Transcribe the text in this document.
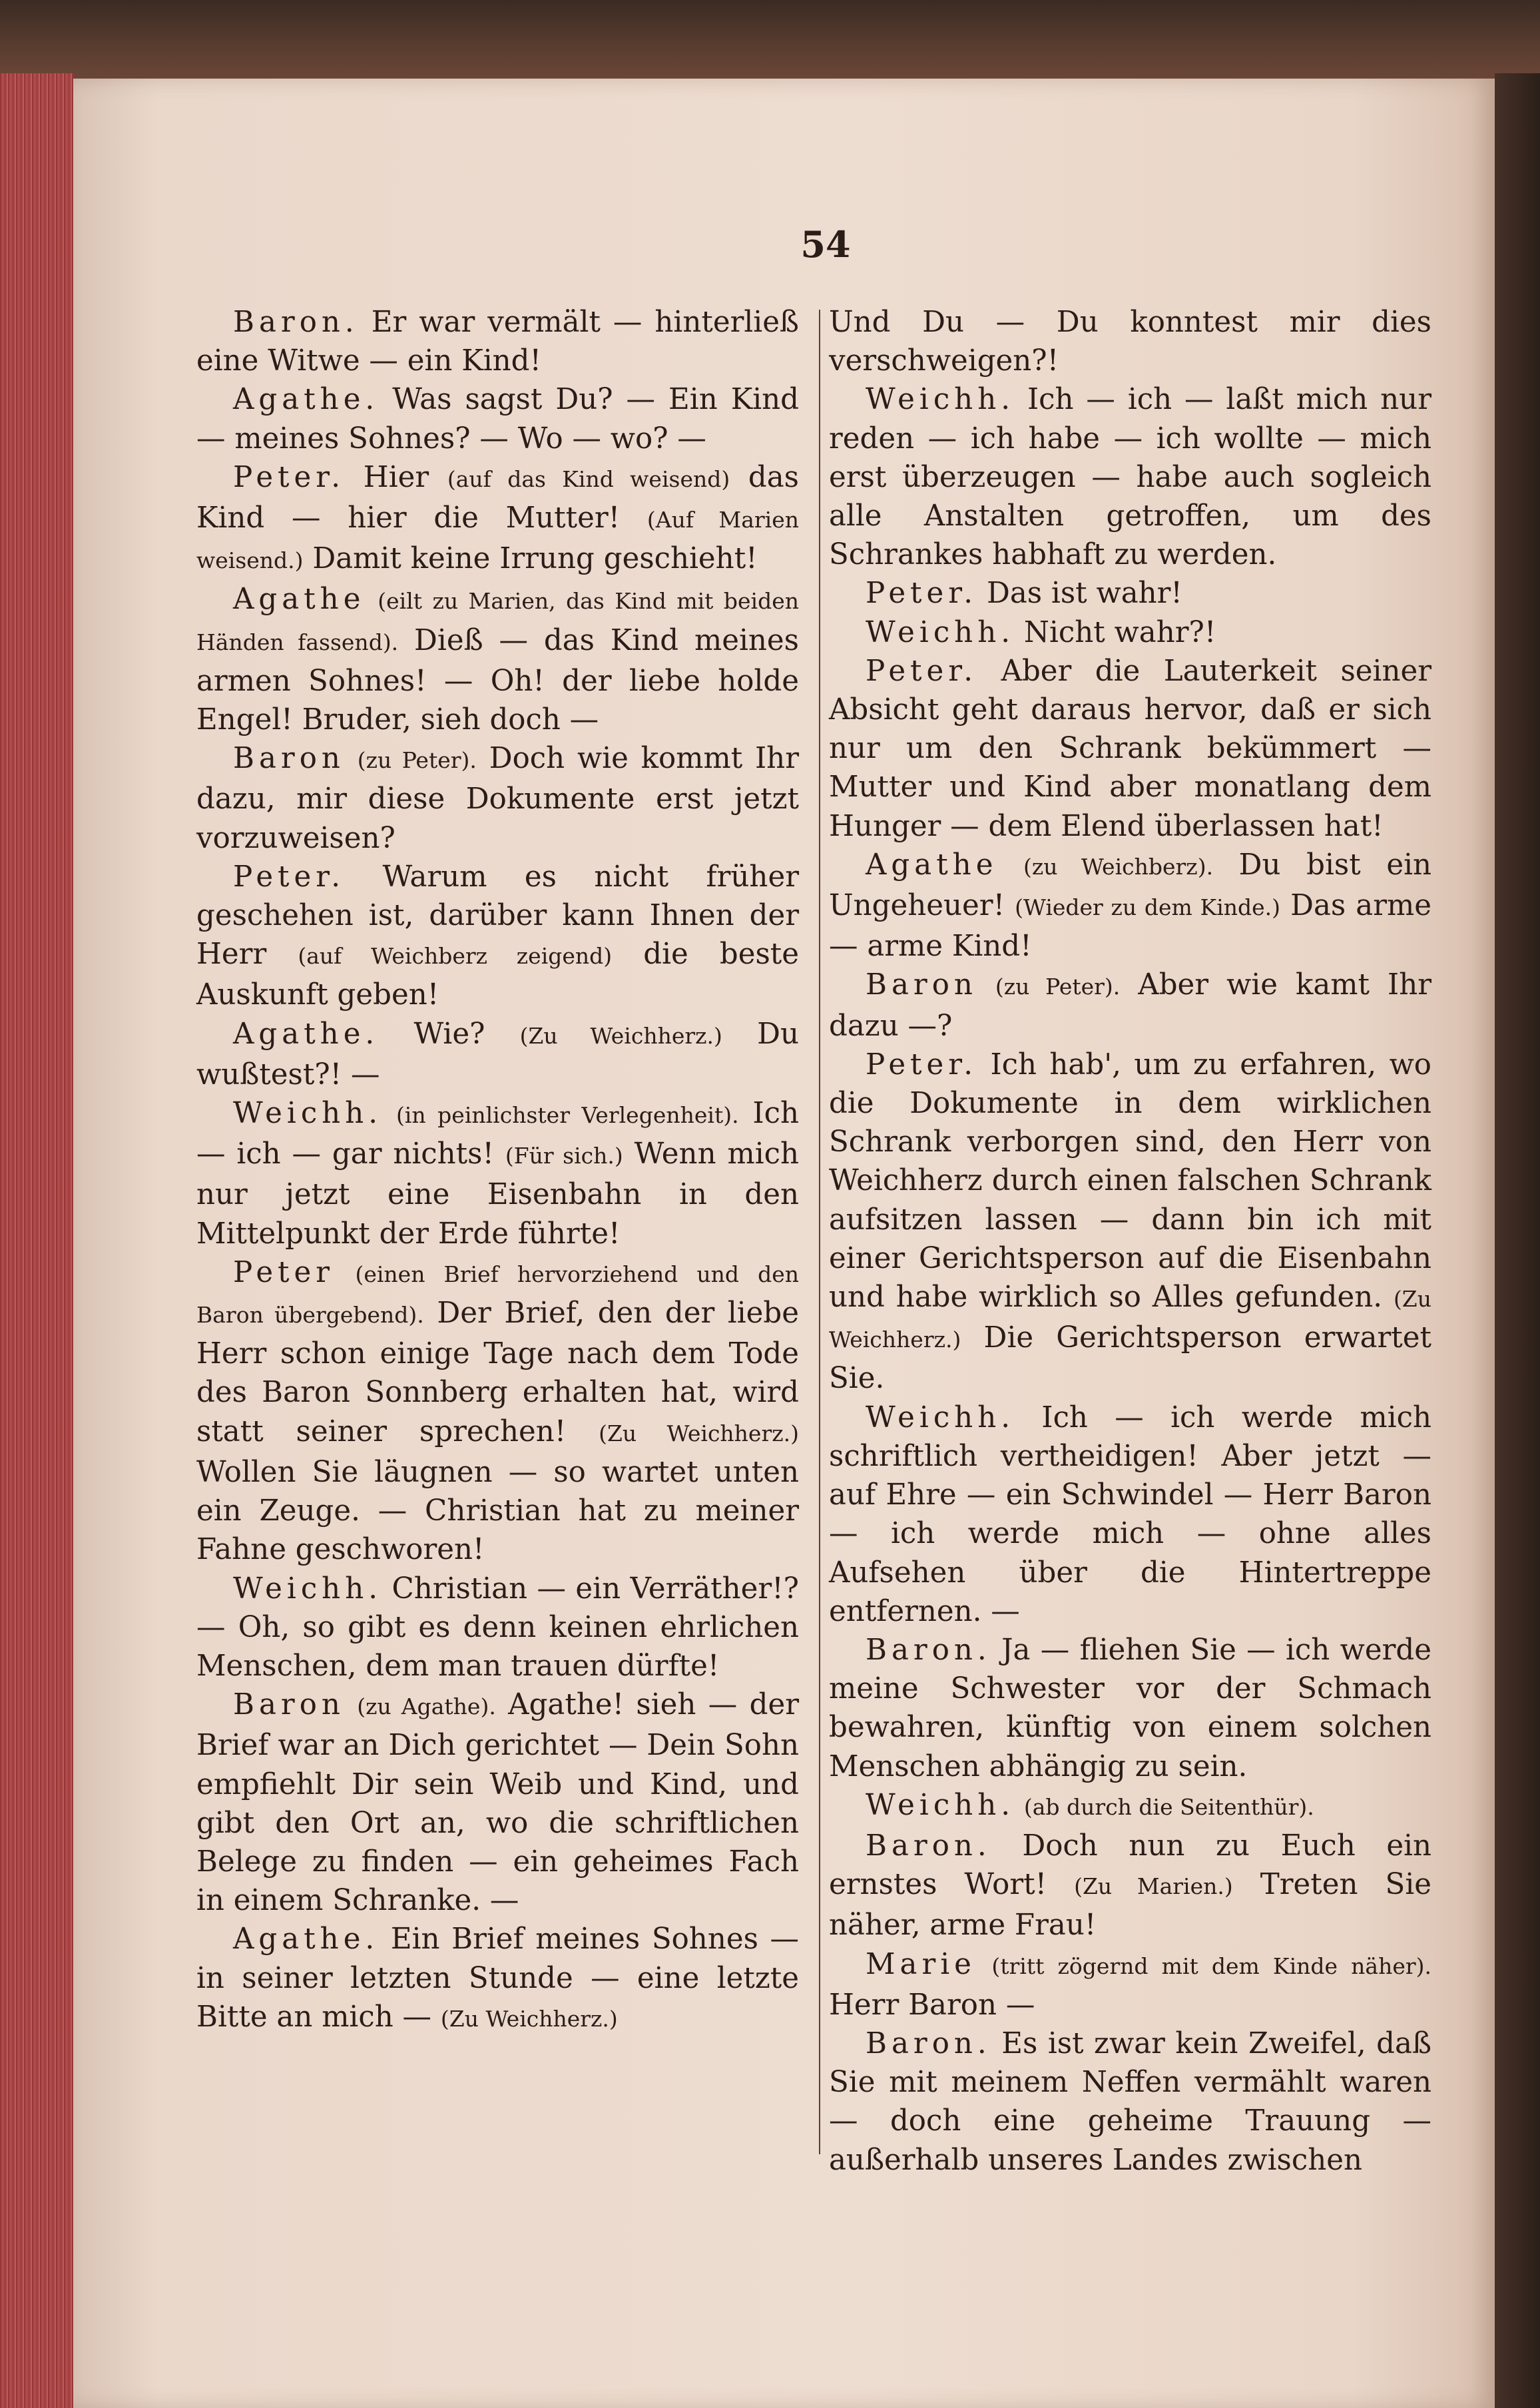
54

Baron. Er war vermält — hinterließ eine Witwe — ein Kind!

Agathe. Was sagst Du? — Ein Kind — meines Sohnes? — Wo — wo? —

Peter. Hier (auf das Kind weisend) das Kind — hier die Mutter! (Auf Marien weisend.) Damit keine Irrung geschieht!

Agathe (eilt zu Marien, das Kind mit beiden Händen fassend). Dieß — das Kind meines armen Sohnes! — Oh! der liebe holde Engel! Bruder, sieh doch —

Baron (zu Peter). Doch wie kommt Ihr dazu, mir diese Dokumente erst jetzt vorzuweisen?

Peter. Warum es nicht früher geschehen ist, darüber kann Ihnen der Herr (auf Weichberz zeigend) die beste Auskunft geben!

Agathe. Wie? (Zu Weichherz.) Du wußtest?! —

Weichh. (in peinlichster Verlegenheit). Ich — ich — gar nichts! (Für sich.) Wenn mich nur jetzt eine Eisenbahn in den Mittelpunkt der Erde führte!

Peter (einen Brief hervorziehend und den Baron übergebend). Der Brief, den der liebe Herr schon einige Tage nach dem Tode des Baron Sonnberg erhalten hat, wird statt seiner sprechen! (Zu Weichherz.) Wollen Sie läugnen — so wartet unten ein Zeuge. — Christian hat zu meiner Fahne geschworen!

Weichh. Christian — ein Verräther!? — Oh, so gibt es denn keinen ehrlichen Menschen, dem man trauen dürfte!

Baron (zu Agathe). Agathe! sieh — der Brief war an Dich gerichtet — Dein Sohn empfiehlt Dir sein Weib und Kind, und gibt den Ort an, wo die schriftlichen Belege zu finden — ein geheimes Fach in einem Schranke. —

Agathe. Ein Brief meines Sohnes — in seiner letzten Stunde — eine letzte Bitte an mich — (Zu Weichherz.)

Und Du — Du konntest mir dies verschweigen?!

Weichh. Ich — ich — laßt mich nur reden — ich habe — ich wollte — mich erst überzeugen — habe auch sogleich alle Anstalten getroffen, um des Schrankes habhaft zu werden.

Peter. Das ist wahr!

Weichh. Nicht wahr?!

Peter. Aber die Lauterkeit seiner Absicht geht daraus hervor, daß er sich nur um den Schrank bekümmert — Mutter und Kind aber monatlang dem Hunger — dem Elend überlassen hat!

Agathe (zu Weichberz). Du bist ein Ungeheuer! (Wieder zu dem Kinde.) Das arme — arme Kind!

Baron (zu Peter). Aber wie kamt Ihr dazu —?

Peter. Ich hab', um zu erfahren, wo die Dokumente in dem wirklichen Schrank verborgen sind, den Herr von Weichherz durch einen falschen Schrank aufsitzen lassen — dann bin ich mit einer Gerichtsperson auf die Eisenbahn und habe wirklich so Alles gefunden. (Zu Weichherz.) Die Gerichtsperson erwartet Sie.

Weichh. Ich — ich werde mich schriftlich vertheidigen! Aber jetzt — auf Ehre — ein Schwindel — Herr Baron — ich werde mich — ohne alles Aufsehen über die Hintertreppe entfernen. —

Baron. Ja — fliehen Sie — ich werde meine Schwester vor der Schmach bewahren, künftig von einem solchen Menschen abhängig zu sein.

Weichh. (ab durch die Seitenthür).

Baron. Doch nun zu Euch ein ernstes Wort! (Zu Marien.) Treten Sie näher, arme Frau!

Marie (tritt zögernd mit dem Kinde näher). Herr Baron —

Baron. Es ist zwar kein Zweifel, daß Sie mit meinem Neffen vermählt waren — doch eine geheime Trauung — außerhalb unseres Landes zwischen
